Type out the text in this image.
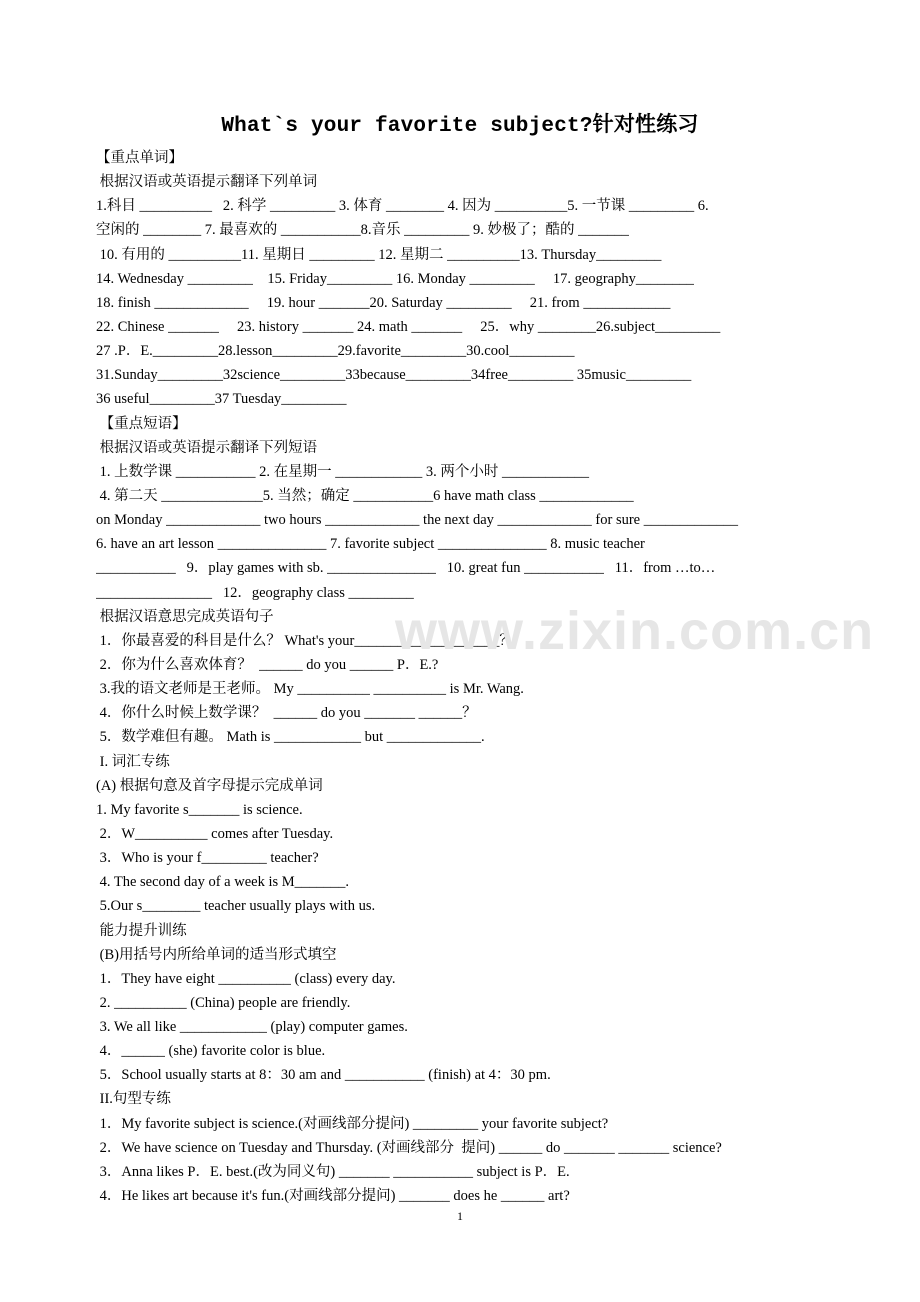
What`s your favorite subject?针对性练习
【重点单词】
根据汉语或英语提示翻译下列单词
1.科目 __________   2. 科学 _________ 3. 体育 ________ 4. 因为 __________5. 一节课 _________ 6.
空闲的 ________ 7. 最喜欢的 ___________8.音乐 _________ 9. 妙极了；酷的 _______
10. 有用的 __________11. 星期日 _________ 12. 星期二 __________13. Thursday_________
14. Wednesday _________    15. Friday_________ 16. Monday _________     17. geography________
18. finish _____________     19. hour _______20. Saturday _________     21. from ____________
22. Chinese _______     23. history _______ 24. math _______     25．why ________26.subject_________
27 .P．E._________28.lesson_________29.favorite_________30.cool_________
31.Sunday_________32science_________33because_________34free_________ 35music_________
36 useful_________37 Tuesday_________
【重点短语】
根据汉语或英语提示翻译下列短语
1. 上数学课 ___________ 2. 在星期一 ____________ 3. 两个小时 ____________
4. 第二天 ______________5. 当然；确定 ___________6 have math class _____________
on Monday _____________ two hours _____________ the next day _____________ for sure _____________
6. have an art lesson _______________ 7. favorite subject _______________ 8. music teacher
___________   9．play games with sb. _______________   10. great fun ___________   11．from …to…
________________   12．geography class _________
根据汉语意思完成英语句子
1．你最喜爱的科目是什么？ What's your____________________？
2．你为什么喜欢体育？  ______ do you ______ P．E.?
3.我的语文老师是王老师。 My __________ __________ is Mr. Wang.
4．你什么时候上数学课？  ______ do you _______ ______？
5．数学难但有趣。 Math is ____________ but _____________.
I. 词汇专练
(A) 根据句意及首字母提示完成单词
1. My favorite s_______ is science.
2．W__________ comes after Tuesday.
3．Who is your f_________ teacher?
4. The second day of a week is M_______.
5.Our s________ teacher usually plays with us.
能力提升训练
(B)用括号内所给单词的适当形式填空
1．They have eight __________ (class) every day.
2. __________ (China) people are friendly.
3. We all like ____________ (play) computer games.
4．______ (she) favorite color is blue.
5．School usually starts at 8：30 am and ___________ (finish) at 4：30 pm.
II.句型专练
1．My favorite subject is science.(对画线部分提问) _________ your favorite subject?
2．We have science on Tuesday and Thursday. (对画线部分  提问) ______ do _______ _______ science?
3．Anna likes P．E. best.(改为同义句) _______ ___________ subject is P．E.
4．He likes art because it's fun.(对画线部分提问) _______ does he ______ art?
www.zixin.com.cn
1
